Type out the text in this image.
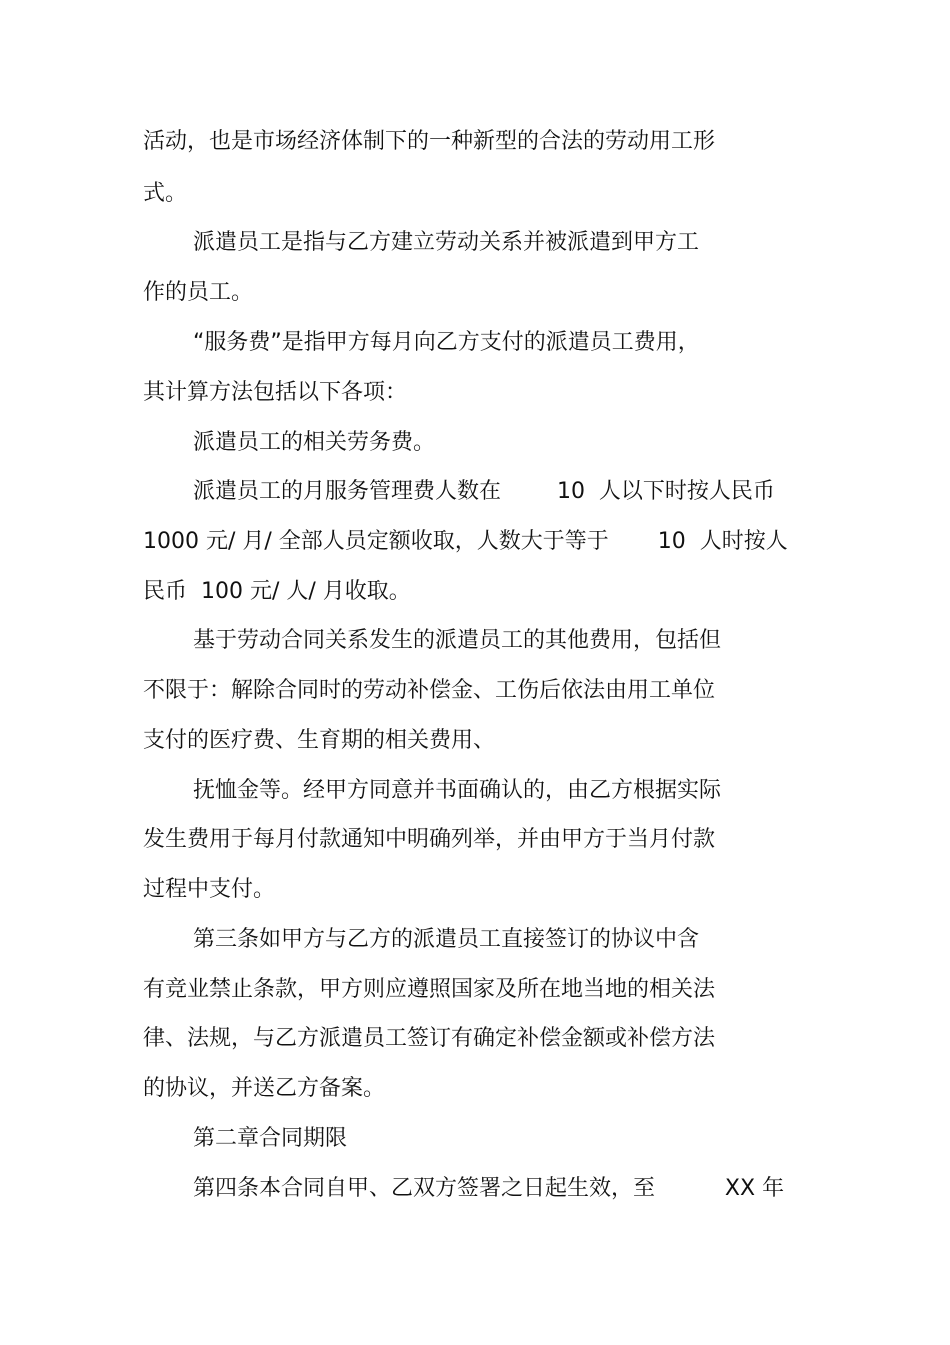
活动，也是市场经济体制下的一种新型的合法的劳动用工形
式。
派遣员工是指与乙方建立劳动关系并被派遣到甲方工
作的员工。
“服务费”是指甲方每月向乙方支付的派遣员工费用，
其计算方法包括以下各项：
派遣员工的相关劳务费。
派遣员工的月服务管理费人数在        10  人以下时按人民币
1000 元/ 月/ 全部人员定额收取，人数大于等于       10  人时按人
民币  100 元/ 人/ 月收取。
基于劳动合同关系发生的派遣员工的其他费用，包括但
不限于：解除合同时的劳动补偿金、工伤后依法由用工单位
支付的医疗费、生育期的相关费用、
抚恤金等。经甲方同意并书面确认的，由乙方根据实际
发生费用于每月付款通知中明确列举，并由甲方于当月付款
过程中支付。
第三条如甲方与乙方的派遣员工直接签订的协议中含
有竞业禁止条款，甲方则应遵照国家及所在地当地的相关法
律、法规，与乙方派遣员工签订有确定补偿金额或补偿方法
的协议，并送乙方备案。
第二章合同期限
第四条本合同自甲、乙双方签署之日起生效，至          XX 年
